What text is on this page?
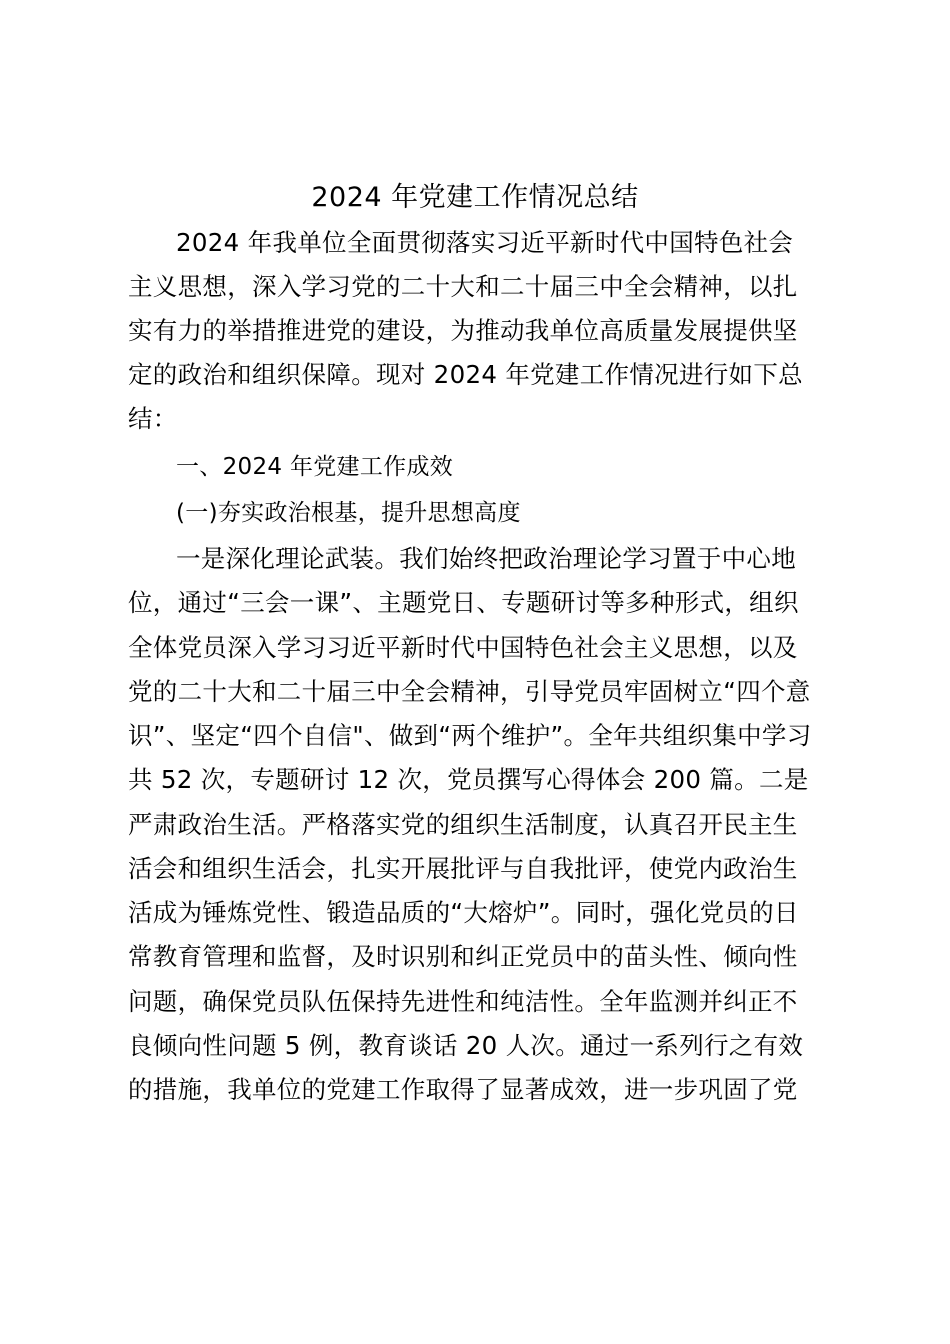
2024 年党建工作情况总结
2024 年我单位全面贯彻落实习近平新时代中国特色社会
主义思想，深入学习党的二十大和二十届三中全会精神，以扎
实有力的举措推进党的建设，为推动我单位高质量发展提供坚
定的政治和组织保障。现对 2024 年党建工作情况进行如下总
结：
一、2024 年党建工作成效
(一)夯实政治根基，提升思想高度
一是深化理论武装。我们始终把政治理论学习置于中心地
位，通过“三会一课”、主题党日、专题研讨等多种形式，组织
全体党员深入学习习近平新时代中国特色社会主义思想，以及
党的二十大和二十届三中全会精神，引导党员牢固树立“四个意
识”、坚定“四个自信"、做到“两个维护”。全年共组织集中学习
共 52 次，专题研讨 12 次，党员撰写心得体会 200 篇。二是
严肃政治生活。严格落实党的组织生活制度，认真召开民主生
活会和组织生活会，扎实开展批评与自我批评，使党内政治生
活成为锤炼党性、锻造品质的“大熔炉”。同时，强化党员的日
常教育管理和监督，及时识别和纠正党员中的苗头性、倾向性
问题，确保党员队伍保持先进性和纯洁性。全年监测并纠正不
良倾向性问题 5 例，教育谈话 20 人次。通过一系列行之有效
的措施，我单位的党建工作取得了显著成效，进一步巩固了党
